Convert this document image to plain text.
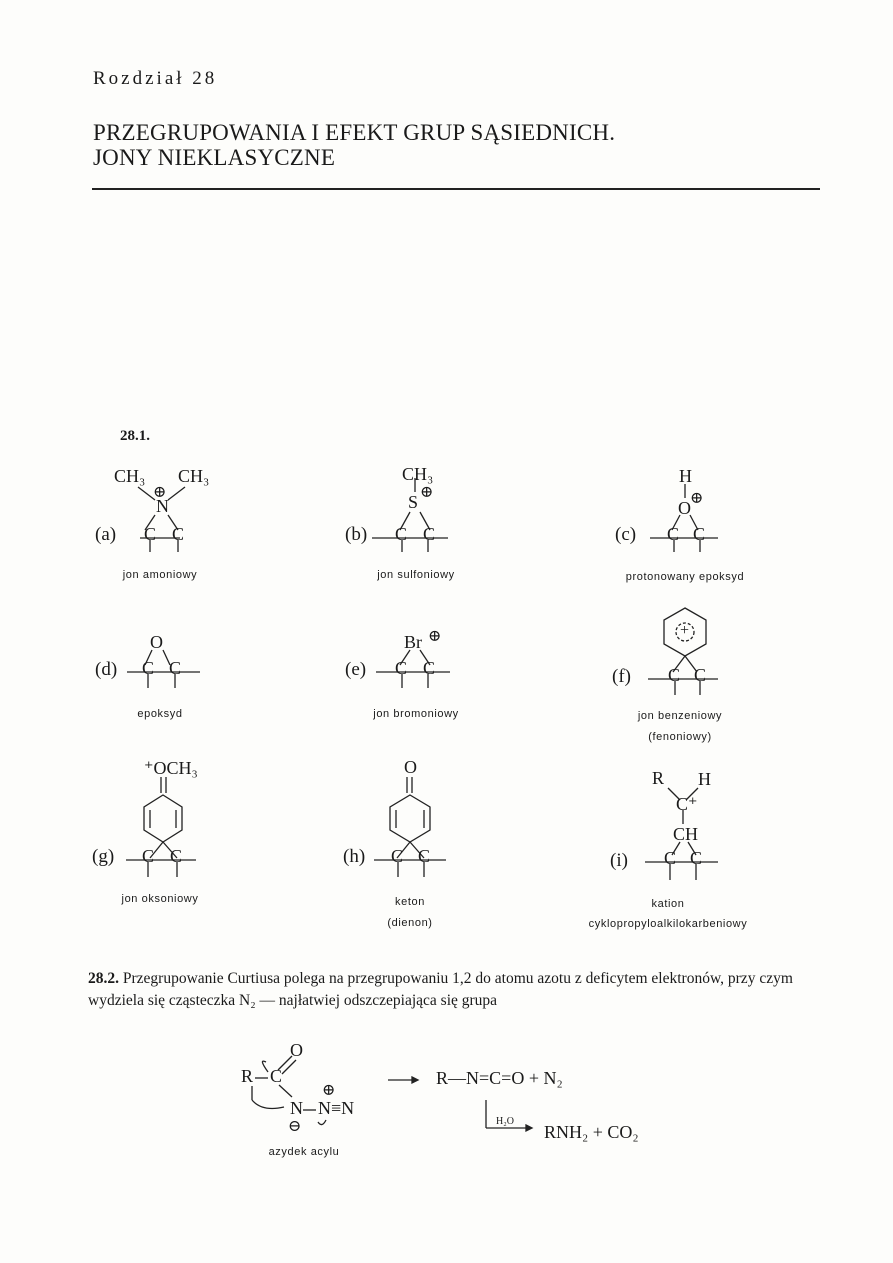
Rozdział 28
PRZEGRUPOWANIA I EFEKT GRUP SĄSIEDNICH.
JONY NIEKLASYCZNE
28.1.
(a)
CH₃ CH₃
⊕
N
C C
jon amoniowy
(b)
CH₃
S ⊕
C C
jon sulfoniowy
(c)
H
O ⊕
C C
protonowany epoksyd
(d)
O
C C
epoksyd
(e)
Br ⊕
C C
jon bromoniowy
(f)
+
C C
jon benzeniowy
(fenoniowy)
(g)
⁺OCH₃
C C
jon oksoniowy
(h)
O
C C
keton
(dienon)
(i)
R H
C⁺
CH
C C
kation
cyklopropyloalkilokarbeniowy
28.2. Przegrupowanie Curtiusa polega na przegrupowaniu 1,2 do atomu azotu z deficytem elektronów, przy czym wydziela się cząsteczka N₂ — najłatwiej odszczepiająca się grupa
O
R C
⊕
N N≡N
⊖
azydek acylu
R—N=C=O + N₂
H₂O
RNH₂ + CO₂
